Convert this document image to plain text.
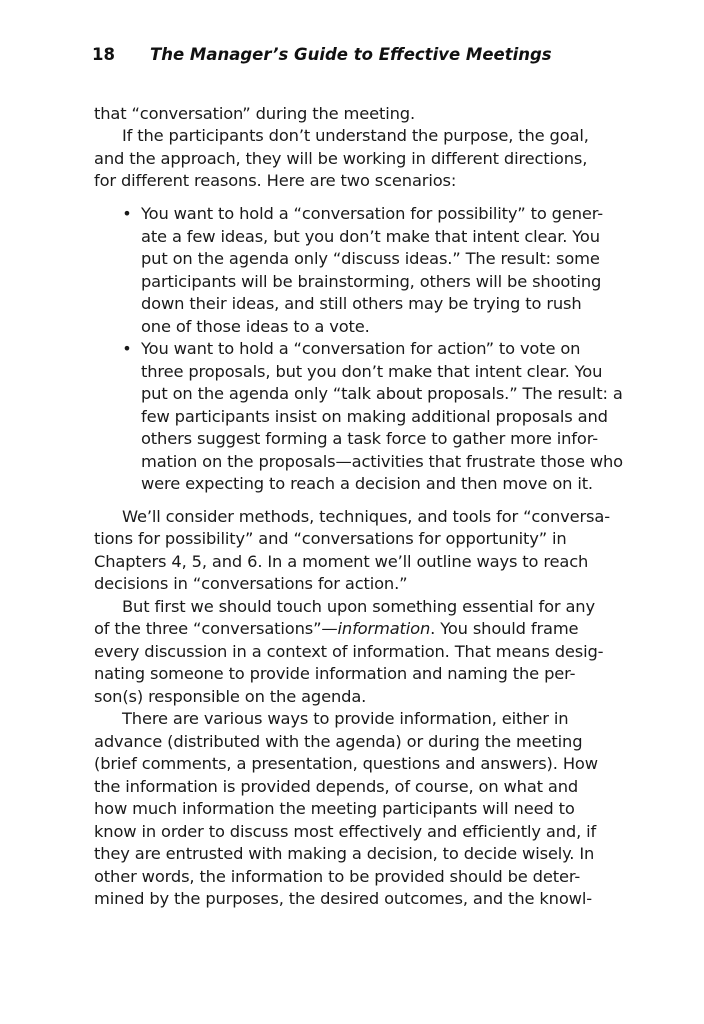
18 The Manager’s Guide to Effective Meetings
that “conversation” during the meeting.
If the participants don’t understand the purpose, the goal,
and the approach, they will be working in different directions,
for different reasons. Here are two scenarios:
• You want to hold a “conversation for possibility” to gener-
ate a few ideas, but you don’t make that intent clear. You
put on the agenda only “discuss ideas.” The result: some
participants will be brainstorming, others will be shooting
down their ideas, and still others may be trying to rush
one of those ideas to a vote.
• You want to hold a “conversation for action” to vote on
three proposals, but you don’t make that intent clear. You
put on the agenda only “talk about proposals.” The result: a
few participants insist on making additional proposals and
others suggest forming a task force to gather more infor-
mation on the proposals—activities that frustrate those who
were expecting to reach a decision and then move on it.
We’ll consider methods, techniques, and tools for “conversa-
tions for possibility” and “conversations for opportunity” in
Chapters 4, 5, and 6. In a moment we’ll outline ways to reach
decisions in “conversations for action.”
But first we should touch upon something essential for any
of the three “conversations”—information. You should frame
every discussion in a context of information. That means desig-
nating someone to provide information and naming the per-
son(s) responsible on the agenda.
There are various ways to provide information, either in
advance (distributed with the agenda) or during the meeting
(brief comments, a presentation, questions and answers). How
the information is provided depends, of course, on what and
how much information the meeting participants will need to
know in order to discuss most effectively and efficiently and, if
they are entrusted with making a decision, to decide wisely. In
other words, the information to be provided should be deter-
mined by the purposes, the desired outcomes, and the knowl-
